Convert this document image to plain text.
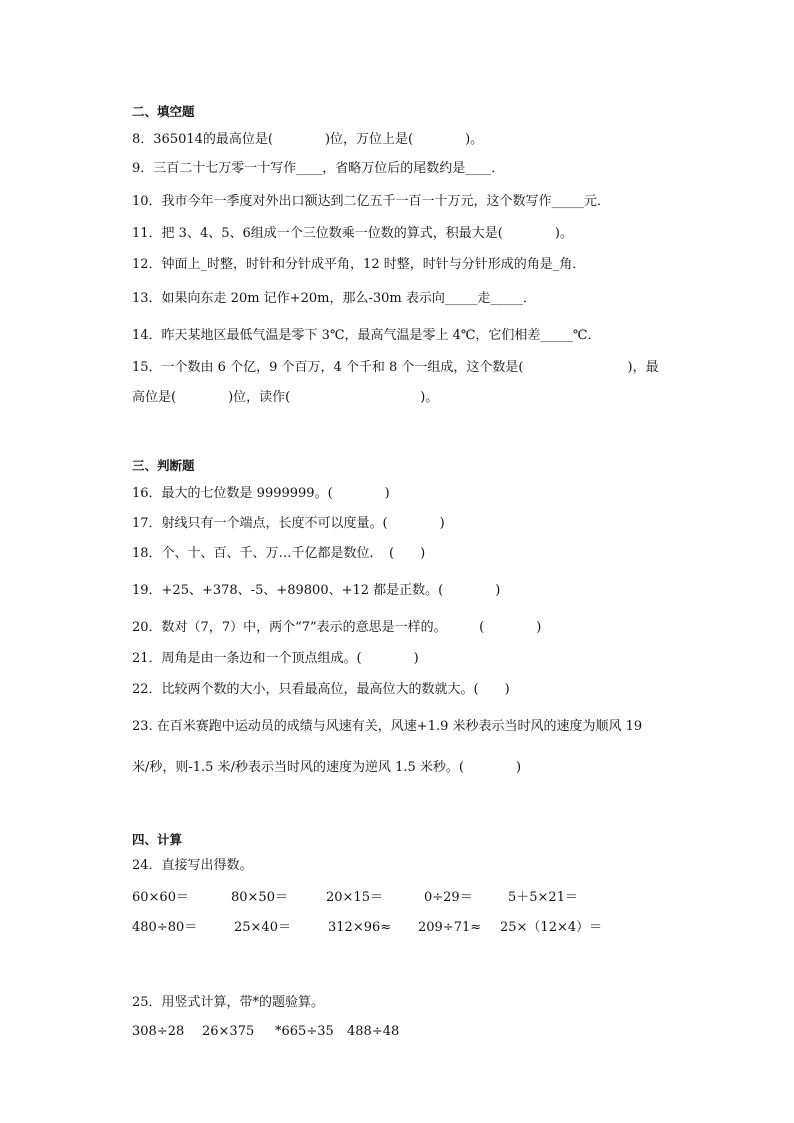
二、填空题
8．365014的最高位是(　　　　)位，万位上是(　　　　)。
9．三百二十七万零一十写作____，省略万位后的尾数约是____．
10．我市今年一季度对外出口额达到二亿五千一百一十万元，这个数写作_____元．
11．把 3、4、5、6组成一个三位数乘一位数的算式，积最大是(　　　　)。
12．钟面上_时整，时针和分针成平角，12 时整，时针与分针形成的角是_角．
13．如果向东走 20m 记作+20m，那么-30m 表示向_____走_____．
14．昨天某地区最低气温是零下 3℃，最高气温是零上 4℃，它们相差_____℃．
15．一个数由 6 个亿，9 个百万，4 个千和 8 个一组成，这个数是(　　　　　　　　)，最
高位是(　　　　)位，读作(　　　　　　　　　　)。
三、判断题
16．最大的七位数是 9999999。(　　　　)
17．射线只有一个端点，长度不可以度量。(　　　　)
18．个、十、百、千、万…千亿都是数位．　(　　)
19．+25、+378、-5、+89800、+12 都是正数。(　　　　)
20．数对（7，7）中，两个“7”表示的意思是一样的。　　　(　　　　)
21．周角是由一条边和一个顶点组成。(　　　　)
22．比较两个数的大小，只看最高位，最高位大的数就大。(　　)
23. 在百米赛跑中运动员的成绩与风速有关，风速+1.9 米秒表示当时风的速度为顺风 19
米/秒，则-1.5 米/秒表示当时风的速度为逆风 1.5 米秒。(　　　　)
四、计算
24．直接写出得数。
60×60＝	80×50＝	20×15＝	0÷29＝	5＋5×21＝
480÷80＝	25×40＝	312×96≈ 209÷71≈ 25×（12×4）＝
25．用竖式计算，带*的题验算。
308÷28 26×375 *665÷35 488÷48
